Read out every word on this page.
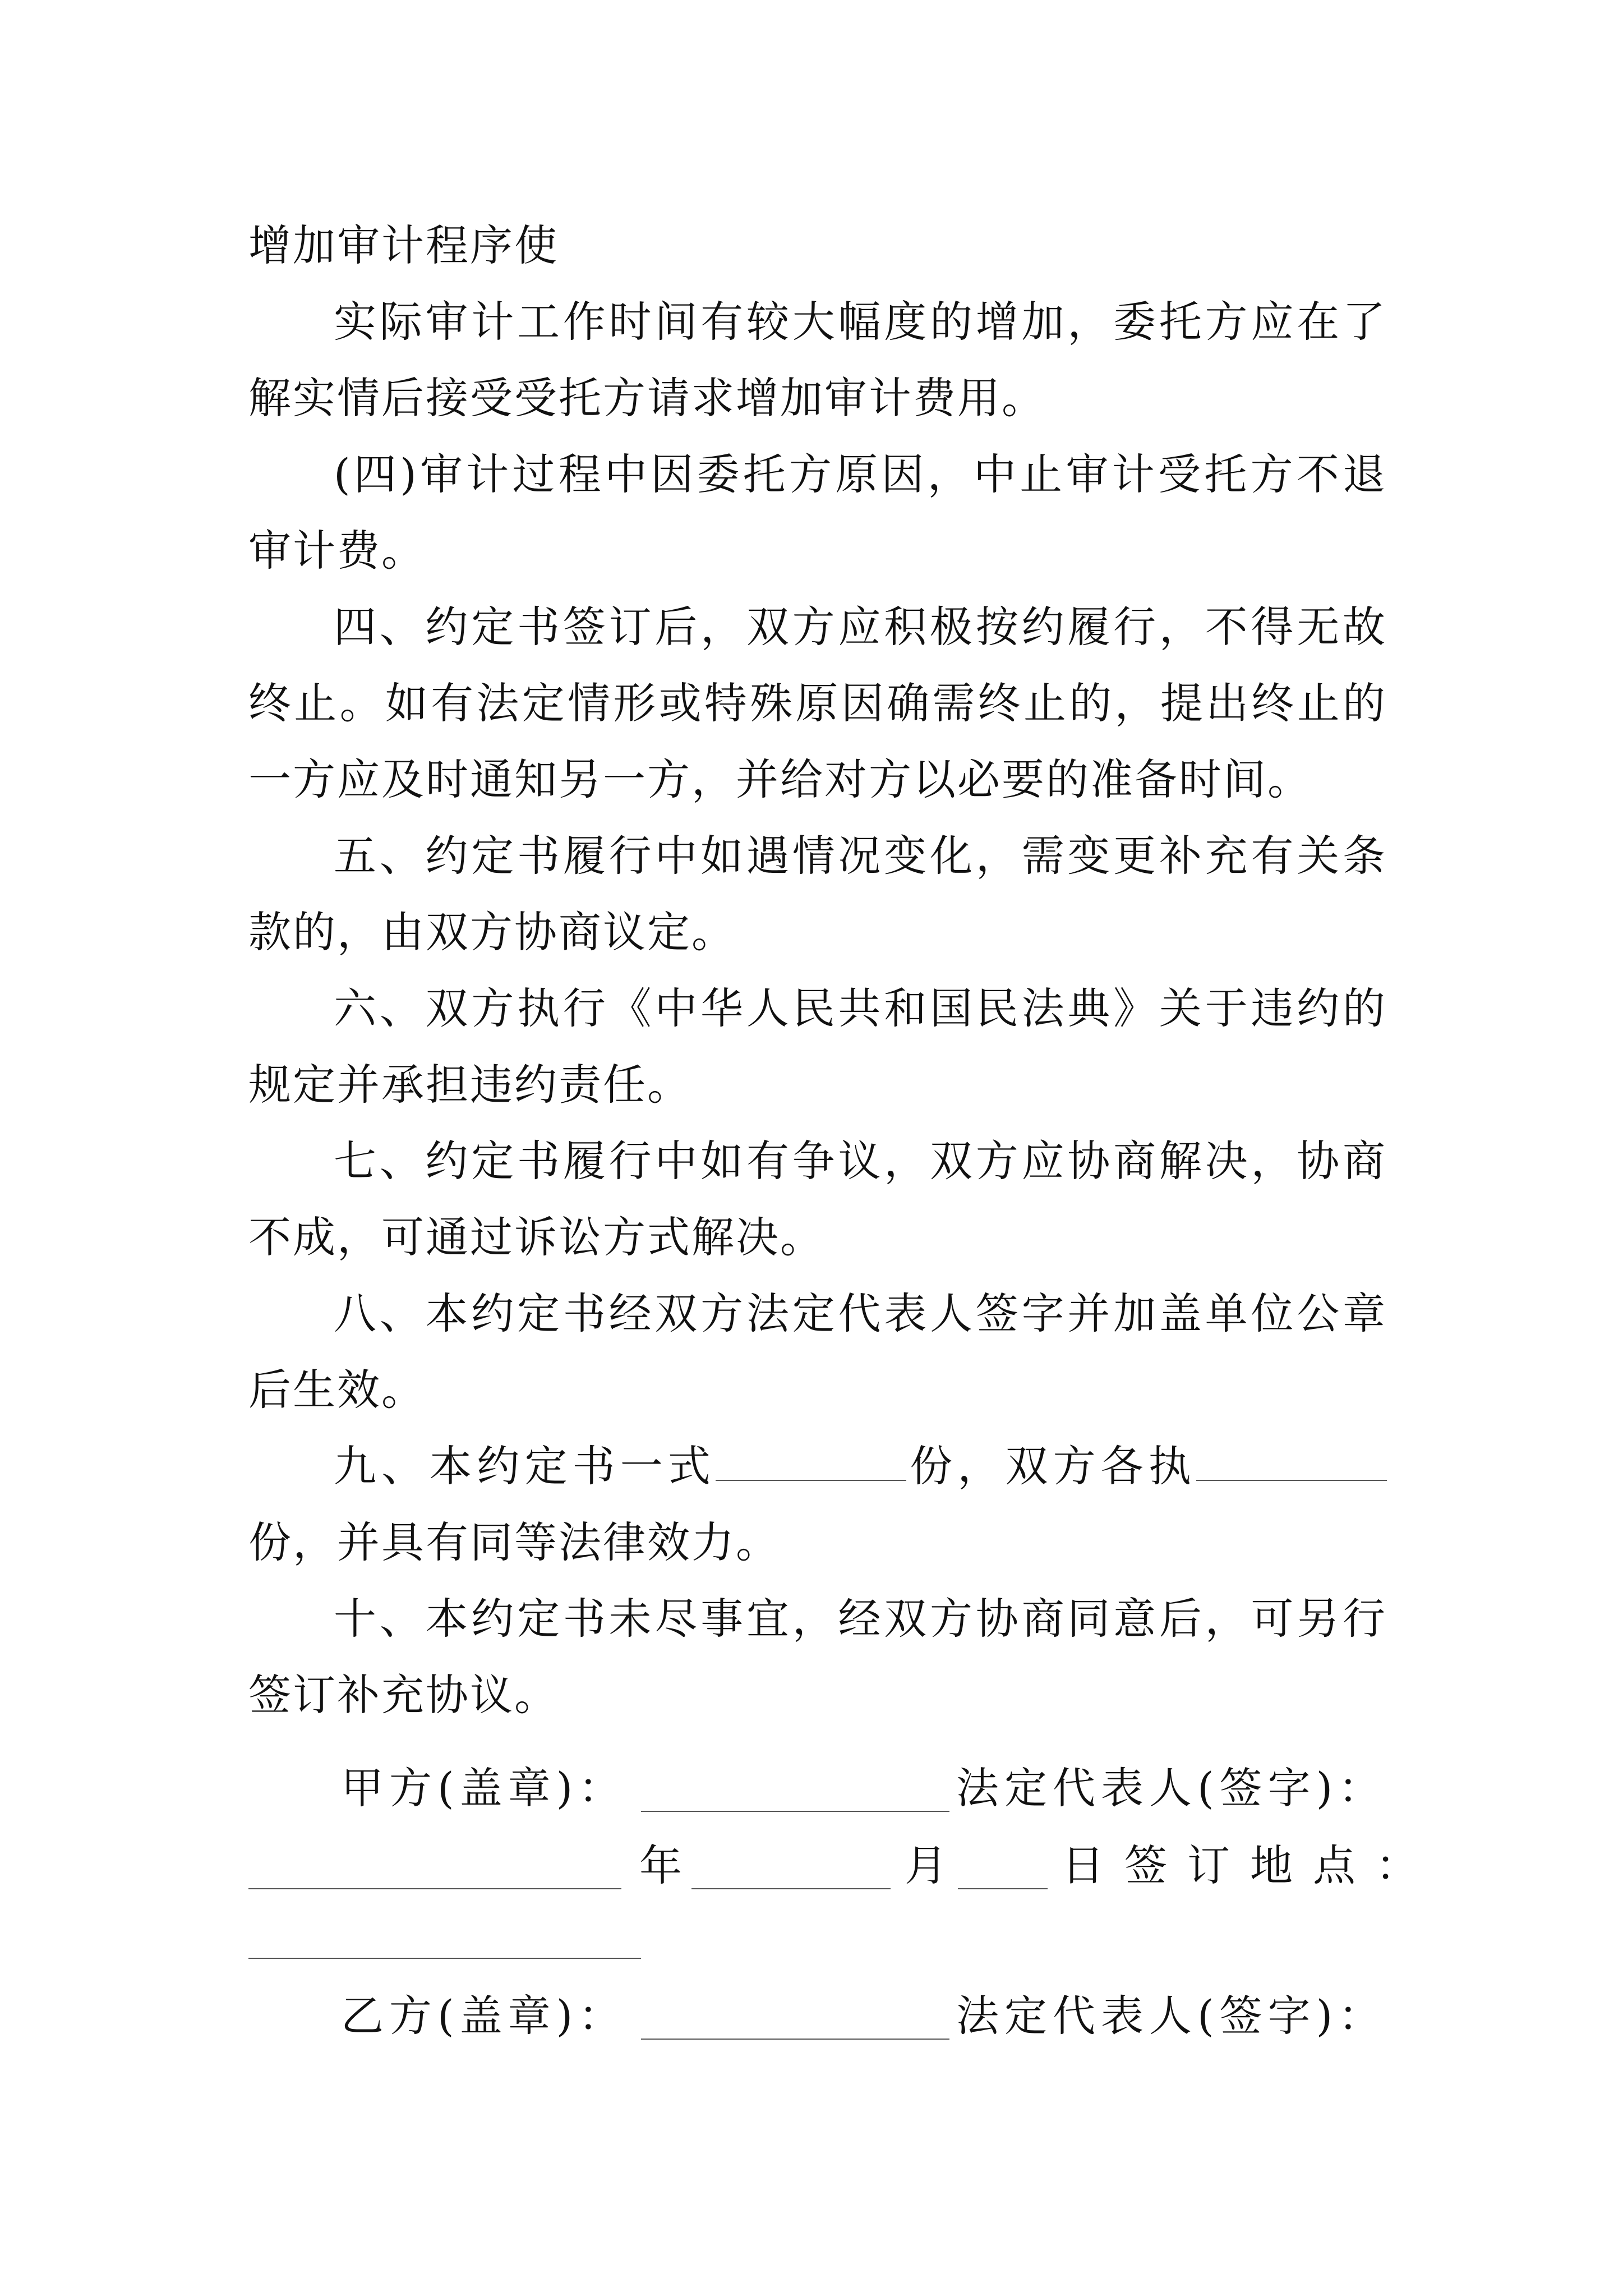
增加审计程序使

实际审计工作时间有较大幅度的增加，委托方应在了解实情后接受受托方请求增加审计费用。

(四)审计过程中因委托方原因，中止审计受托方不退审计费。

四、约定书签订后，双方应积极按约履行，不得无故终止。如有法定情形或特殊原因确需终止的，提出终止的一方应及时通知另一方，并给对方以必要的准备时间。

五、约定书履行中如遇情况变化，需变更补充有关条款的，由双方协商议定。

六、双方执行《中华人民共和国民法典》关于违约的规定并承担违约责任。

七、约定书履行中如有争议，双方应协商解决，协商不成，可通过诉讼方式解决。

八、本约定书经双方法定代表人签字并加盖单位公章后生效。

九、本约定书一式	份，双方各执份，并具有同等法律效力。

十、本约定书未尽事宜，经双方协商同意后，可另行签订补充协议。

甲方(盖章)：	法定代表人(签字)：
年	月 日签订地点：
乙方(盖章)：	法定代表人(签字)：
